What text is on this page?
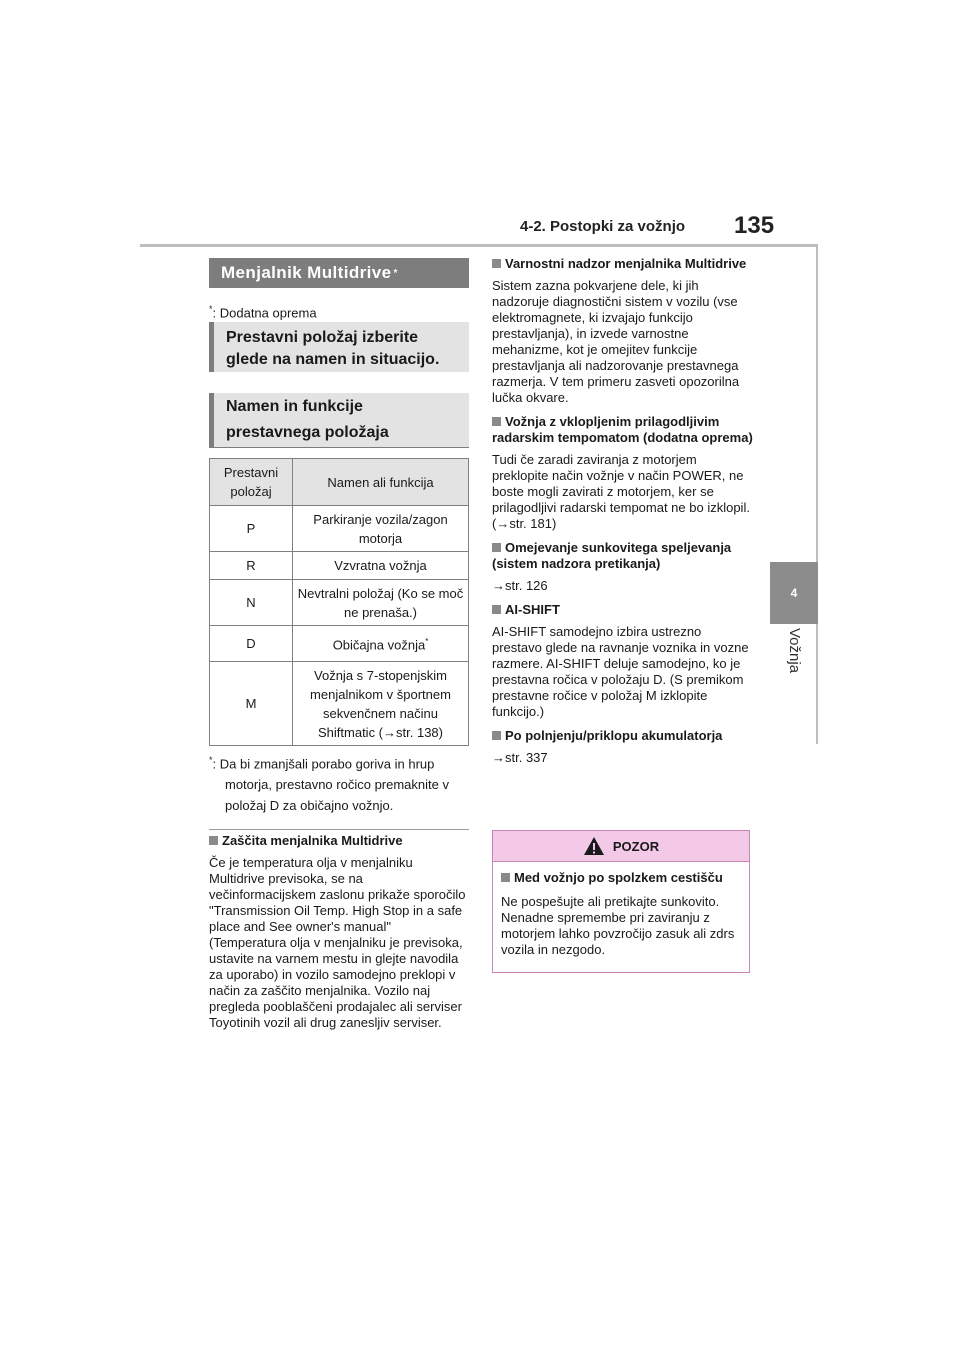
4-2. Postopki za vožnjo	135
4
Vožnja
Menjalnik Multidrive *
*: Dodatna oprema
Prestavni položaj izberite glede na namen in situacijo.
Namen in funkcije prestavnega položaja
Prestavni položaj	Namen ali funkcija
P	Parkiranje vozila/zagon motorja
R	Vzvratna vožnja
N	Nevtralni položaj (Ko se moč ne prenaša.)
D	Običajna vožnja*
M	Vožnja s 7-stopenjskim menjalnikom v športnem sekvenčnem načinu Shiftmatic (→str. 138)
*: Da bi zmanjšali porabo goriva in hrup
motorja, prestavno ročico premaknite v položaj D za običajno vožnjo.
Zaščita menjalnika Multidrive
Če je temperatura olja v menjalniku Multidrive previsoka, se na večinformacijskem zaslonu prikaže sporočilo "Transmission Oil Temp. High Stop in a safe place and See owner's manual" (Temperatura olja v menjalniku je previsoka, ustavite na varnem mestu in glejte navodila za uporabo) in vozilo samodejno preklopi v način za zaščito menjalnika. Vozilo naj pregleda pooblaščeni prodajalec ali serviser Toyotinih vozil ali drug zanesljiv serviser.
Varnostni nadzor menjalnika Multidrive
Sistem zazna pokvarjene dele, ki jih nadzoruje diagnostični sistem v vozilu (vse elektromagnete, ki izvajajo funkcijo prestavljanja), in izvede varnostne mehanizme, kot je omejitev funkcije prestavljanja ali nadzorovanje prestavnega razmerja. V tem primeru zasveti opozorilna lučka okvare.
Vožnja z vklopljenim prilagodljivim radarskim tempomatom (dodatna oprema)
Tudi če zaradi zaviranja z motorjem preklopite način vožnje v način POWER, ne boste mogli zavirati z motorjem, ker se prilagodljivi radarski tempomat ne bo izklopil. (→str. 181)
Omejevanje sunkovitega speljevanja (sistem nadzora pretikanja)
→str. 126
AI-SHIFT
AI-SHIFT samodejno izbira ustrezno prestavo glede na ravnanje voznika in vozne razmere. AI-SHIFT deluje samodejno, ko je prestavna ročica v položaju D. (S premikom prestavne ročice v položaj M izklopite funkcijo.)
Po polnjenju/priklopu akumulatorja
→str. 337
POZOR
Med vožnjo po spolzkem cestišču
Ne pospešujte ali pretikajte sunkovito. Nenadne spremembe pri zaviranju z motorjem lahko povzročijo zasuk ali zdrs vozila in nezgodo.
